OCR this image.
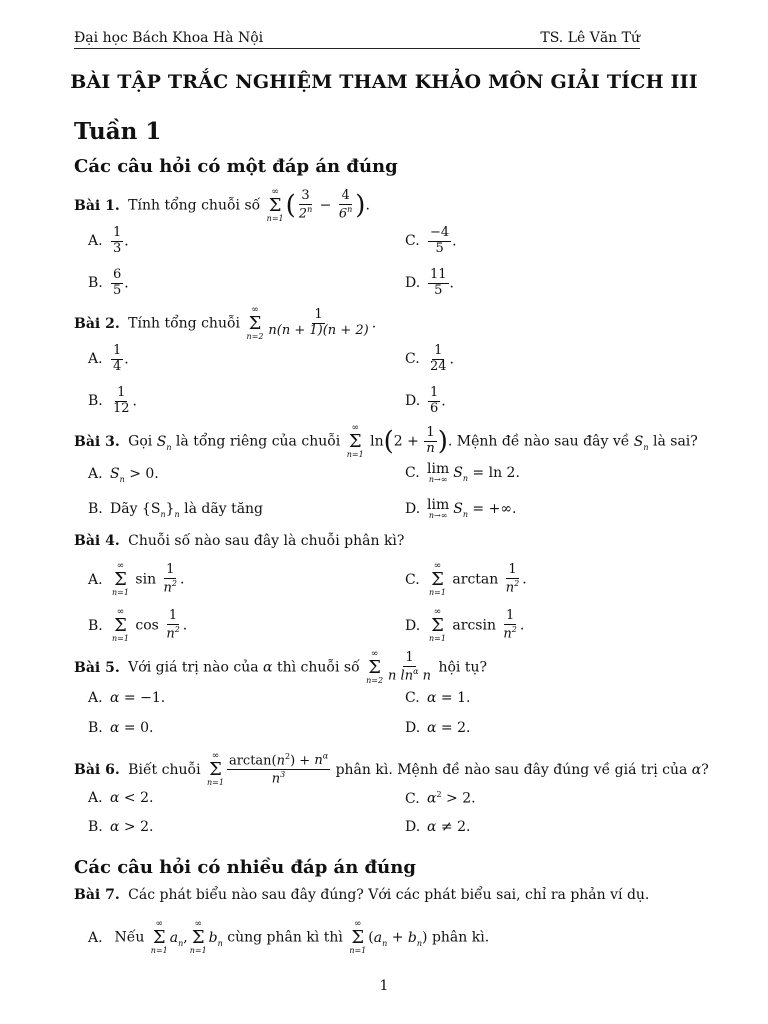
Đại học Bách Khoa Hà Nội	TS. Lê Văn Tứ
BÀI TẬP TRẮC NGHIỆM THAM KHẢO MÔN GIẢI TÍCH III
Tuần 1
Các câu hỏi có một đáp án đúng
Bài 1. Tính tổng chuỗi số
∞
Σ
n=1 ( $\frac{3}{2^n} - \frac{4}{6^n}$ ).
A. $\frac{1}{3}$ .	C. $\frac{-4}{5}$ .
B. $\frac{6}{5}$ .	D. $\frac{11}{5}$ .
Bài 2. Tính tổng chuỗi
∞
Σ
$n=2 \frac{1}{n(n + 1)(n + 2)}$ .
A. $\frac{1}{4}$ .	C. $\frac{1}{24}$ .
B. $\frac{1}{12}$ .	D. $\frac{1}{6}$ .
Bài 3. Gọi $S_n$ là tổng riêng của chuỗi
∞
Σ
n=1
$\ln(2 + \frac{1}{n}$ ). Mệnh đề nào sau đây về $S_n$ là sai?
A. $S_n > 0$.	C. lim
n→∞ $S_n = \ln 2$.
B. Dãy $\{S_n\}_n$ là dãy tăng	D. lim
n→∞ $S_n$ = +∞.
Bài 4. Chuỗi số nào sau đây là chuỗi phân kì?
A.
∞
Σ
n=1
$\sin \frac{1}{n^2}$ .	C.
∞
Σ
n=1
$\arctan \frac{1}{n^2}$ .
B.
∞
Σ
n=1
$\cos \frac{1}{n^2}$ .	D.
∞
Σ
n=1
$\arcsin \frac{1}{n^2}$ .
Bài 5. Với giá trị nào của α thì chuỗi số
∞
Σ
$n=2 \frac{1}{n \ln^\alpha n}$ hội tụ?
A. α = −1.	C. α = 1.
B. α = 0.	D. α = 2.
Bài 6. Biết chuỗi
∞
Σ
$n=1 \frac{\arctan(n^2) + n^\alpha}{n^3}$ phân kì. Mệnh đề nào sau đây đúng về giá trị của α?
A. α < 2.	C. $\alpha^2 > 2$.
B. α > 2.	D. α ≠ 2.
Các câu hỏi có nhiều đáp án đúng
Bài 7. Các phát biểu nào sau đây đúng? Với các phát biểu sai, chỉ ra phản ví dụ.
A. Nếu
∞
Σ
n=1
$a_n$,
∞
Σ
n=1
$b_n$ cùng phân kì thì
∞
Σ
n=1
$(a_n + b_n)$ phân kì.
1
